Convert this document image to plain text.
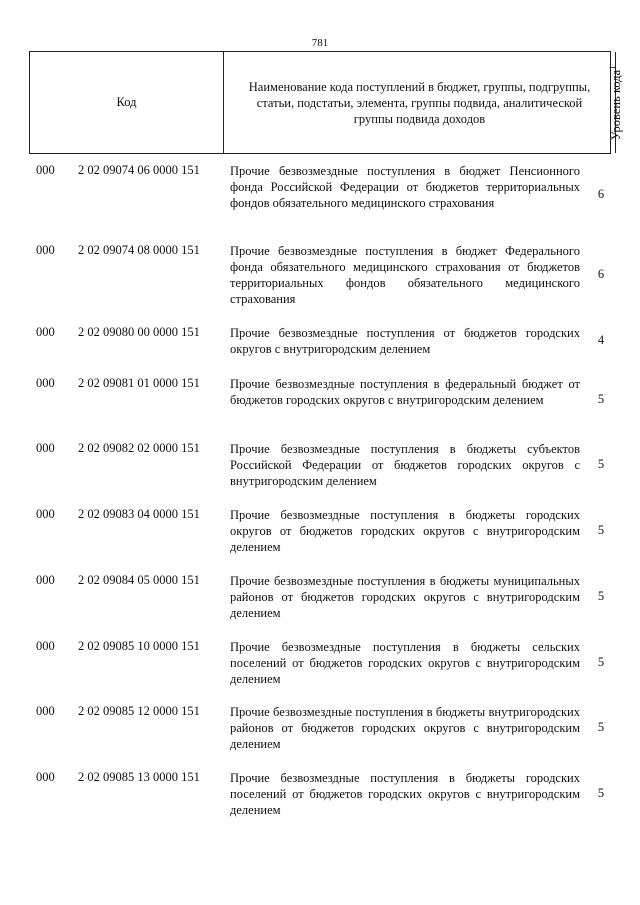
781
Код
Наименование кода поступлений в бюджет, группы, подгруппы, статьи, подстатьи, элемента, группы подвида, аналитической группы подвида доходов	Уровень кода$^1$
000 2 02 09074 06 0000 151 Прочие безвозмездные поступления в бюджет Пенсионного фонда Российской Федерации от бюджетов территориальных фондов обязательного медицинского страхования
6
000 2 02 09074 08 0000 151 Прочие безвозмездные поступления в бюджет Федерального фонда обязательного медицинского страхования от бюджетов территориальных фондов обязательного медицинского страхования
6
000 2 02 09080 00 0000 151 Прочие безвозмездные поступления от бюджетов городских округов с внутригородским делением
4
000 2 02 09081 01 0000 151 Прочие безвозмездные поступления в федеральный бюджет от бюджетов городских округов с внутригородским делением	5
000 2 02 09082 02 0000 151 Прочие безвозмездные поступления в бюджеты субъектов Российской Федерации от бюджетов городских округов с внутригородским делением
5
000 2 02 09083 04 0000 151 Прочие безвозмездные поступления в бюджеты городских округов от бюджетов городских округов с внутригородским делением
5
000 2 02 09084 05 0000 151 Прочие безвозмездные поступления в бюджеты муниципальных районов от бюджетов городских округов с внутригородским делением
5
000 2 02 09085 10 0000 151 Прочие безвозмездные поступления в бюджеты сельских поселений от бюджетов городских округов с внутригородским делением
5
000 2 02 09085 12 0000 151 Прочие безвозмездные поступления в бюджеты внутригородских районов от бюджетов городских округов с внутригородским делением
5
000 2 02 09085 13 0000 151 Прочие безвозмездные поступления в бюджеты городских поселений от бюджетов городских округов с внутригородским делением
5
